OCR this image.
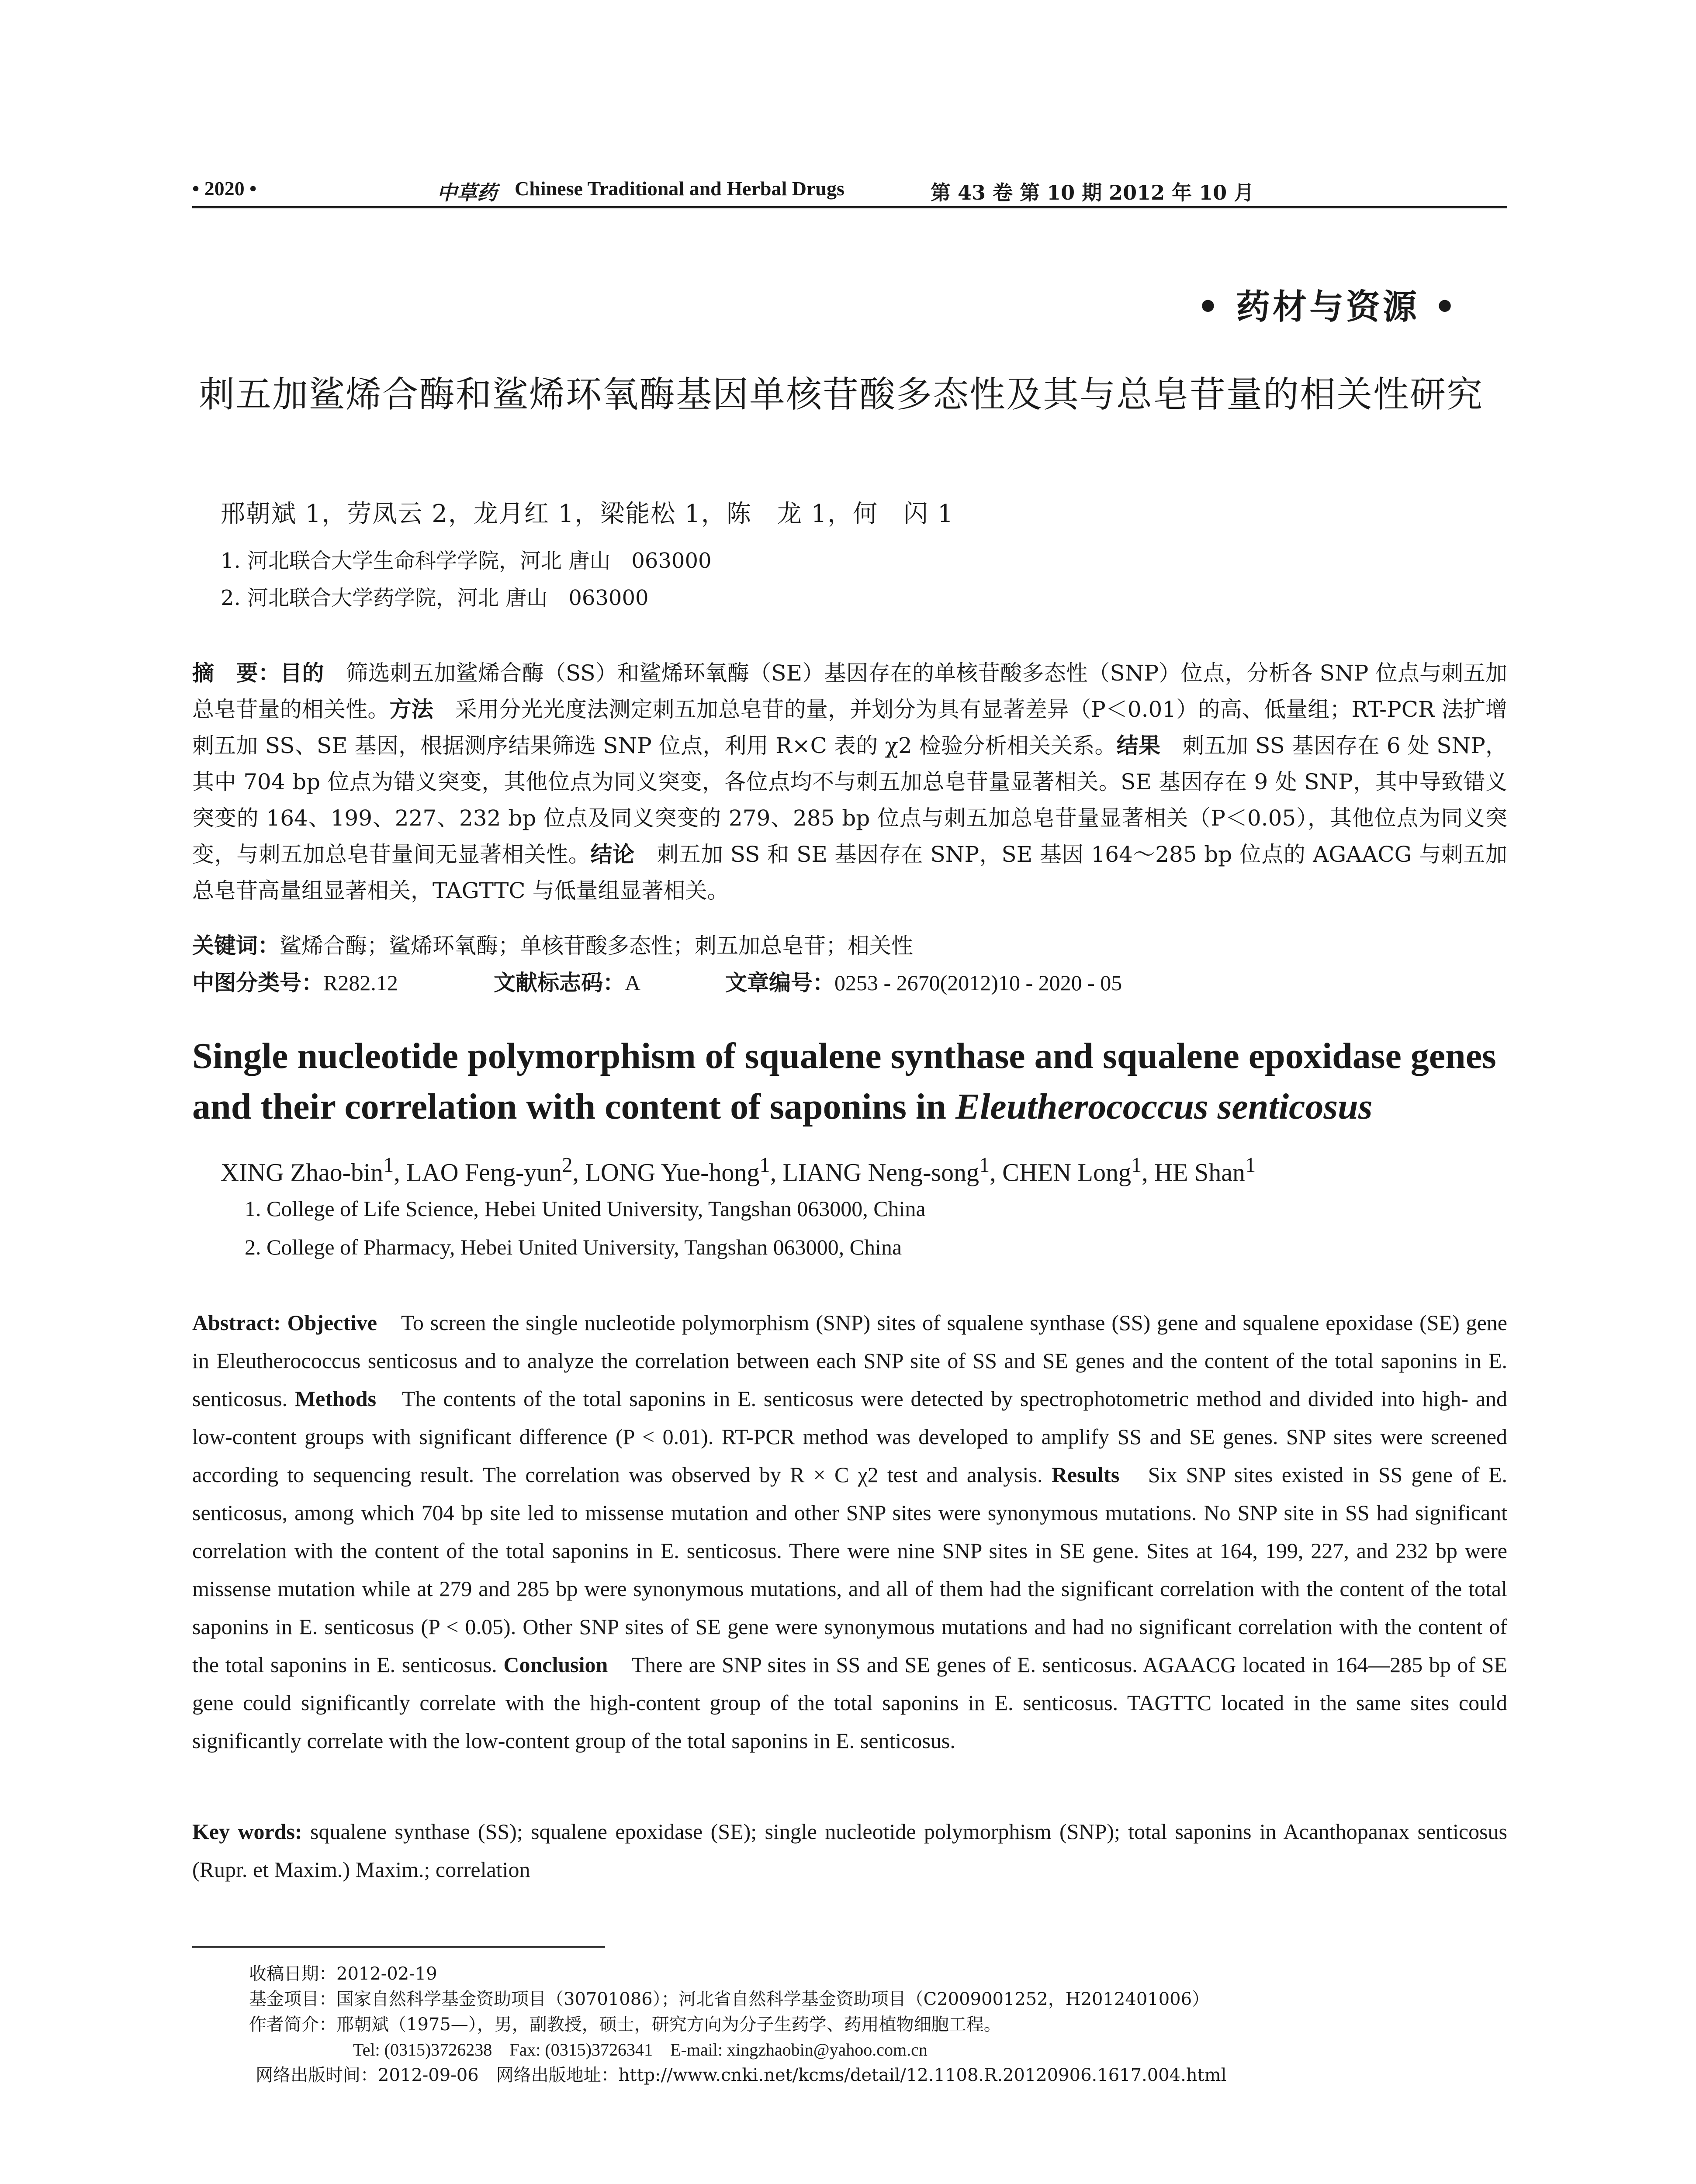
• 2020 •	中草药 Chinese Traditional and Herbal Drugs	第 43 卷 第 10 期 2012 年 10 月
• 药材与资源 •
刺五加鲨烯合酶和鲨烯环氧酶基因单核苷酸多态性及其与总皂苷量的相关性研究
邢朝斌 1，劳凤云 2，龙月红 1，梁能松 1，陈　龙 1，何　闪 1
1. 河北联合大学生命科学学院，河北 唐山　063000
2. 河北联合大学药学院，河北 唐山　063000
摘　要：目的　筛选刺五加鲨烯合酶（SS）和鲨烯环氧酶（SE）基因存在的单核苷酸多态性（SNP）位点，分析各 SNP 位点与刺五加总皂苷量的相关性。方法　采用分光光度法测定刺五加总皂苷的量，并划分为具有显著差异（P＜0.01）的高、低量组；RT-PCR 法扩增刺五加 SS、SE 基因，根据测序结果筛选 SNP 位点，利用 R×C 表的 χ2 检验分析相关关系。结果　刺五加 SS 基因存在 6 处 SNP，其中 704 bp 位点为错义突变，其他位点为同义突变，各位点均不与刺五加总皂苷量显著相关。SE 基因存在 9 处 SNP，其中导致错义突变的 164、199、227、232 bp 位点及同义突变的 279、285 bp 位点与刺五加总皂苷量显著相关（P＜0.05），其他位点为同义突变，与刺五加总皂苷量间无显著相关性。结论　刺五加 SS 和 SE 基因存在 SNP，SE 基因 164～285 bp 位点的 AGAACG 与刺五加总皂苷高量组显著相关，TAGTTC 与低量组显著相关。
关键词：鲨烯合酶；鲨烯环氧酶；单核苷酸多态性；刺五加总皂苷；相关性
中图分类号：R282.12	文献标志码：A	文章编号：0253 - 2670(2012)10 - 2020 - 05
Single nucleotide polymorphism of squalene synthase and squalene epoxidase genes and their correlation with content of saponins in Eleutherococcus senticosus
XING Zhao-bin$^1$, LAO Feng-yun$^2$, LONG Yue-hong$^1$, LIANG Neng-song$^1$, CHEN Long$^1$, HE Shan$^1$
1. College of Life Science, Hebei United University, Tangshan 063000, China
2. College of Pharmacy, Hebei United University, Tangshan 063000, China
Abstract: Objective　To screen the single nucleotide polymorphism (SNP) sites of squalene synthase (SS) gene and squalene epoxidase (SE) gene in Eleutherococcus senticosus and to analyze the correlation between each SNP site of SS and SE genes and the content of the total saponins in E. senticosus. Methods　The contents of the total saponins in E. senticosus were detected by spectrophotometric method and divided into high- and low-content groups with significant difference (P < 0.01). RT-PCR method was developed to amplify SS and SE genes. SNP sites were screened according to sequencing result. The correlation was observed by R × C χ2 test and analysis. Results　Six SNP sites existed in SS gene of E. senticosus, among which 704 bp site led to missense mutation and other SNP sites were synonymous mutations. No SNP site in SS had significant correlation with the content of the total saponins in E. senticosus. There were nine SNP sites in SE gene. Sites at 164, 199, 227, and 232 bp were missense mutation while at 279 and 285 bp were synonymous mutations, and all of them had the significant correlation with the content of the total saponins in E. senticosus (P < 0.05). Other SNP sites of SE gene were synonymous mutations and had no significant correlation with the content of the total saponins in E. senticosus. Conclusion　There are SNP sites in SS and SE genes of E. senticosus. AGAACG located in 164—285 bp of SE gene could significantly correlate with the high-content group of the total saponins in E. senticosus. TAGTTC located in the same sites could significantly correlate with the low-content group of the total saponins in E. senticosus.
Key words: squalene synthase (SS); squalene epoxidase (SE); single nucleotide polymorphism (SNP); total saponins in Acanthopanax senticosus (Rupr. et Maxim.) Maxim.; correlation
收稿日期：2012-02-19
基金项目：国家自然科学基金资助项目（30701086）；河北省自然科学基金资助项目（C2009001252，H2012401006）
作者简介：邢朝斌（1975—），男，副教授，硕士，研究方向为分子生药学、药用植物细胞工程。
Tel: (0315)3726238　Fax: (0315)3726341　E-mail: xingzhaobin@yahoo.com.cn
网络出版时间：2012-09-06　网络出版地址：http://www.cnki.net/kcms/detail/12.1108.R.20120906.1617.004.html
